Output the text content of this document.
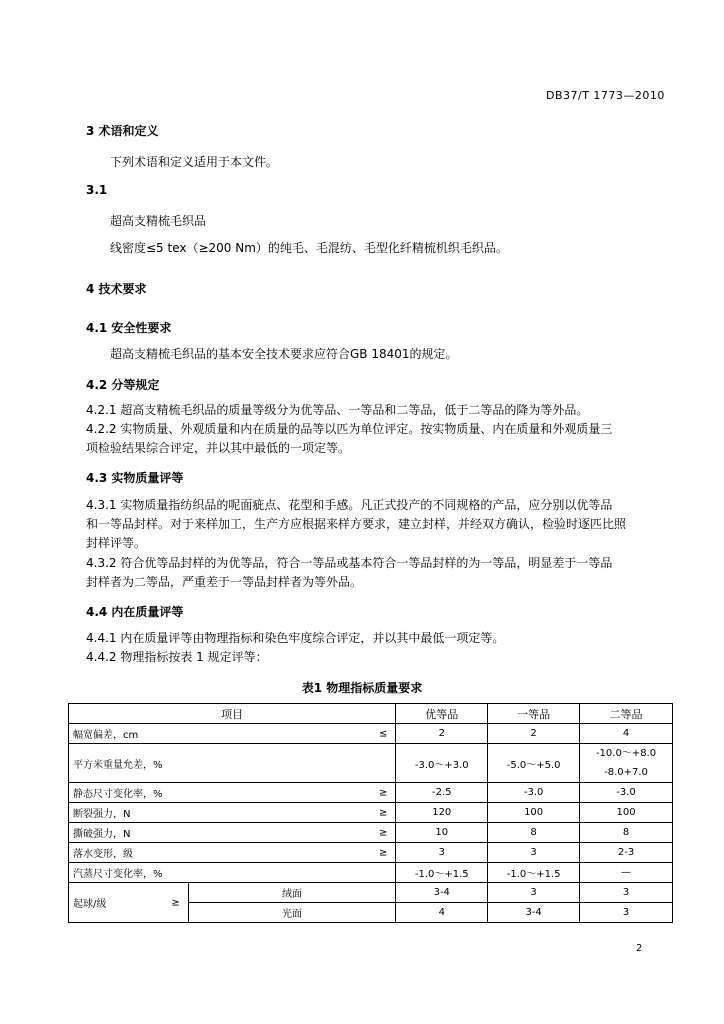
DB37/T 1773—2010
3 术语和定义
下列术语和定义适用于本文件。
3.1
超高支精梳毛织品
线密度≤5 tex（≥200 Nm）的纯毛、毛混纺、毛型化纤精梳机织毛织品。
4 技术要求
4.1 安全性要求
超高支精梳毛织品的基本安全技术要求应符合GB 18401的规定。
4.2 分等规定
4.2.1 超高支精梳毛织品的质量等级分为优等品、一等品和二等品，低于二等品的降为等外品。
4.2.2 实物质量、外观质量和内在质量的品等以匹为单位评定。按实物质量、内在质量和外观质量三
项检验结果综合评定，并以其中最低的一项定等。
4.3 实物质量评等
4.3.1 实物质量指纺织品的呢面疵点、花型和手感。凡正式投产的不同规格的产品，应分别以优等品
和一等品封样。对于来样加工，生产方应根据来样方要求，建立封样，并经双方确认，检验时逐匹比照
封样评等。
4.3.2 符合优等品封样的为优等品，符合一等品或基本符合一等品封样的为一等品，明显差于一等品
封样者为二等品，严重差于一等品封样者为等外品。
4.4 内在质量评等
4.4.1 内在质量评等由物理指标和染色牢度综合评定，并以其中最低一项定等。
4.4.2 物理指标按表 1 规定评等：
表1 物理指标质量要求
项目		优等品	一等品	二等品
幅宽偏差，cm ≤		2	2	4
平方米重量允差，%		-3.0～+3.0	-5.0～+5.0	-10.0～+8.0
-8.0+7.0

静态尺寸变化率，% ≥		-2.5	-3.0	-3.0
断裂强力，N ≥		120	100	100
撕破强力，N ≥		10	8	8
落水变形，级 ≥		3	3	2-3
汽蒸尺寸变化率，%		-1.0～+1.5	-1.0～+1.5	—
起球/级 ≥	绒面	3-4	3	3
	光面	4	3-4	3
2
